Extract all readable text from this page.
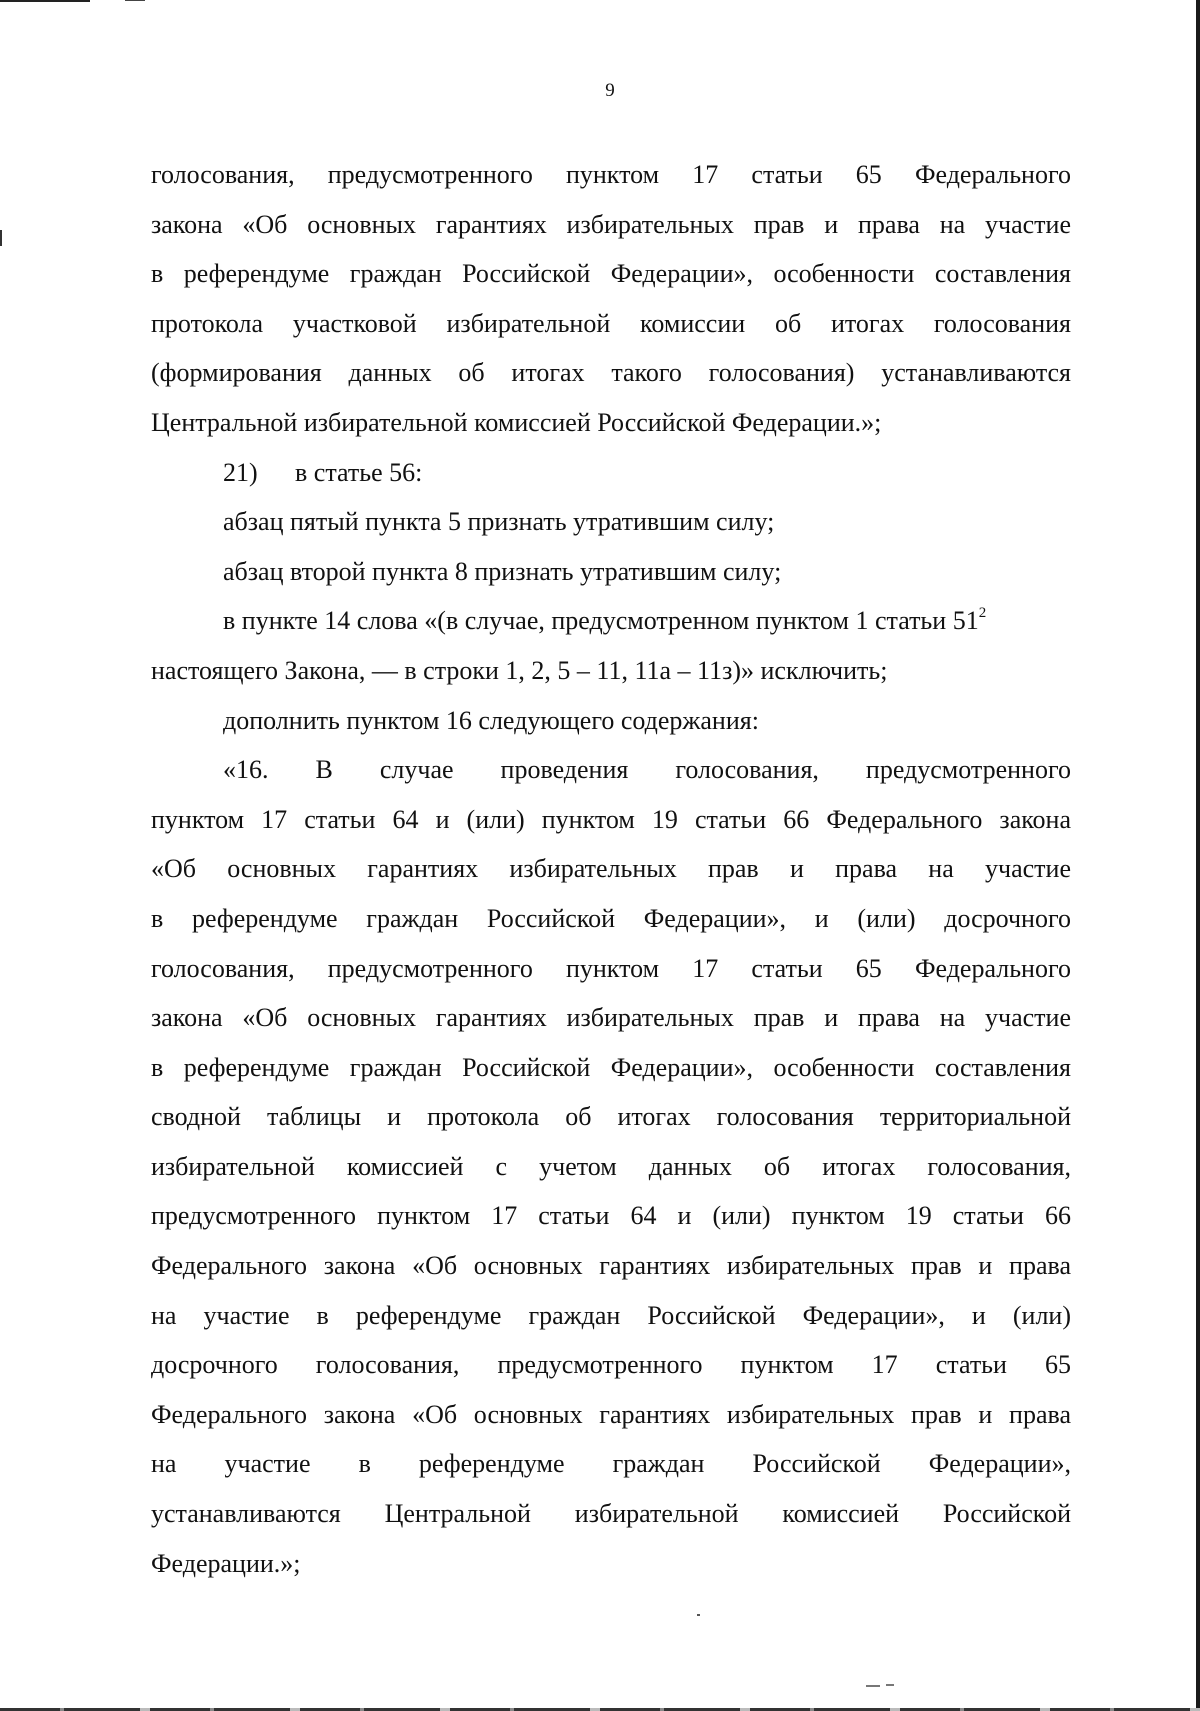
9
голосования, предусмотренного пунктом 17 статьи 65 Федерального
закона «Об основных гарантиях избирательных прав и права на участие
в референдуме граждан Российской Федерации», особенности составления
протокола участковой избирательной комиссии об итогах голосования
(формирования данных об итогах такого голосования) устанавливаются
Центральной избирательной комиссией Российской Федерации.»;
21) в статье 56:
абзац пятый пункта 5 признать утратившим силу;
абзац второй пункта 8 признать утратившим силу;
в пункте 14 слова «(в случае, предусмотренном пунктом 1 статьи $51^2$
настоящего Закона, — в строки 1, 2, 5 – 11, 11а – 11з)» исключить;
дополнить пунктом 16 следующего содержания:
«16. В случае проведения голосования, предусмотренного
пунктом 17 статьи 64 и (или) пунктом 19 статьи 66 Федерального закона
«Об основных гарантиях избирательных прав и права на участие
в референдуме граждан Российской Федерации», и (или) досрочного
голосования, предусмотренного пунктом 17 статьи 65 Федерального
закона «Об основных гарантиях избирательных прав и права на участие
в референдуме граждан Российской Федерации», особенности составления
сводной таблицы и протокола об итогах голосования территориальной
избирательной комиссией с учетом данных об итогах голосования,
предусмотренного пунктом 17 статьи 64 и (или) пунктом 19 статьи 66
Федерального закона «Об основных гарантиях избирательных прав и права
на участие в референдуме граждан Российской Федерации», и (или)
досрочного голосования, предусмотренного пунктом 17 статьи 65
Федерального закона «Об основных гарантиях избирательных прав и права
на участие в референдуме граждан Российской Федерации»,
устанавливаются Центральной избирательной комиссией Российской
Федерации.»;
